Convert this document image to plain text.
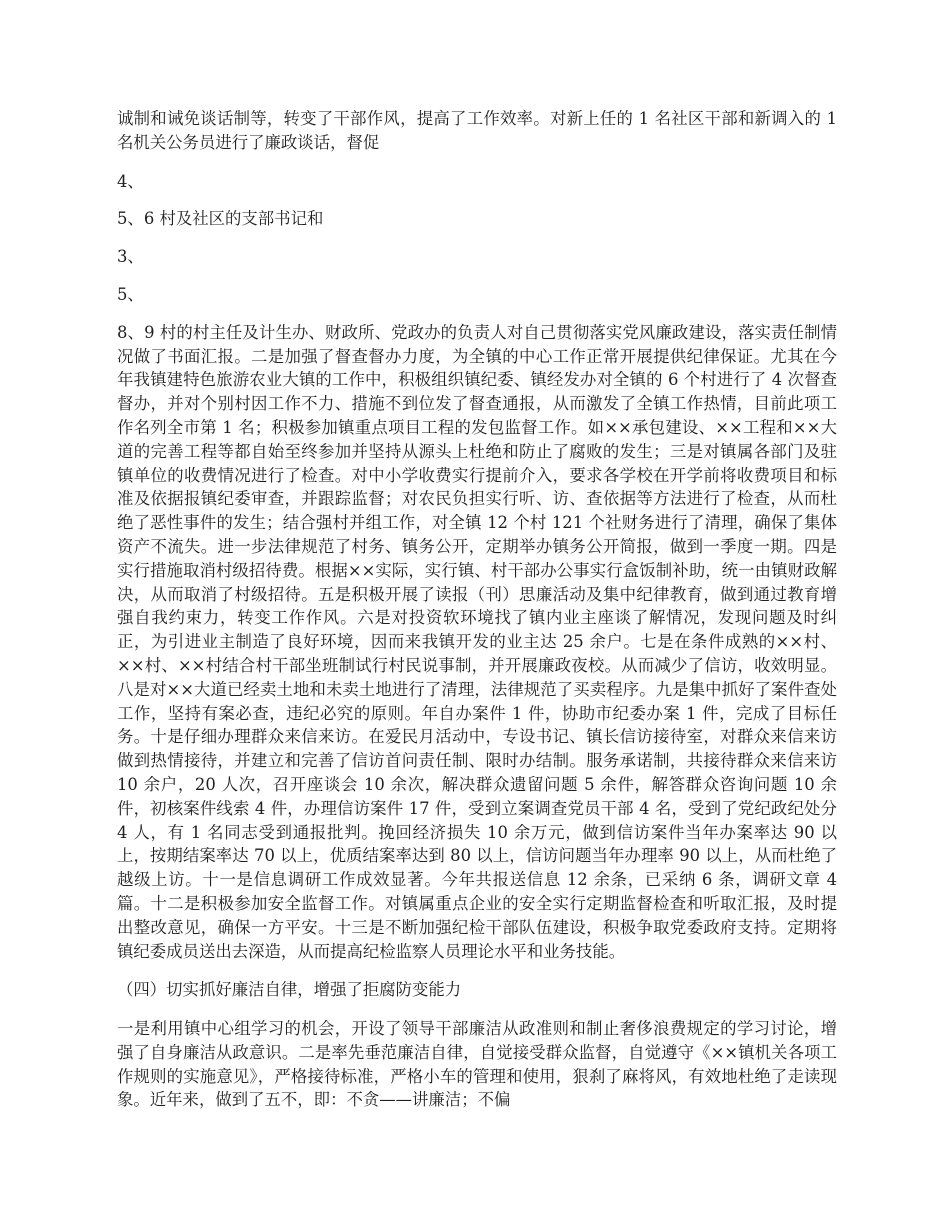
诚制和诫免谈话制等，转变了干部作风，提高了工作效率。对新上任的 1 名社区干部和新调入的 1 名机关公务员进行了廉政谈话，督促

4、

5、6 村及社区的支部书记和

3、

5、

8、9 村的村主任及计生办、财政所、党政办的负责人对自己贯彻落实党风廉政建设，落实责任制情况做了书面汇报。二是加强了督查督办力度，为全镇的中心工作正常开展提供纪律保证。尤其在今年我镇建特色旅游农业大镇的工作中，积极组织镇纪委、镇经发办对全镇的 6 个村进行了 4 次督查督办，并对个别村因工作不力、措施不到位发了督查通报，从而激发了全镇工作热情，目前此项工作名列全市第 1 名；积极参加镇重点项目工程的发包监督工作。如××承包建设、××工程和××大道的完善工程等都自始至终参加并坚持从源头上杜绝和防止了腐败的发生；三是对镇属各部门及驻镇单位的收费情况进行了检查。对中小学收费实行提前介入，要求各学校在开学前将收费项目和标准及依据报镇纪委审查，并跟踪监督；对农民负担实行听、访、查依据等方法进行了检查，从而杜绝了恶性事件的发生；结合强村并组工作，对全镇 12 个村 121 个社财务进行了清理，确保了集体资产不流失。进一步法律规范了村务、镇务公开，定期举办镇务公开简报，做到一季度一期。四是实行措施取消村级招待费。根据××实际，实行镇、村干部办公事实行盒饭制补助，统一由镇财政解决，从而取消了村级招待。五是积极开展了读报（刊）思廉活动及集中纪律教育，做到通过教育增强自我约束力，转变工作作风。六是对投资软环境找了镇内业主座谈了解情况，发现问题及时纠正，为引进业主制造了良好环境，因而来我镇开发的业主达 25 余户。七是在条件成熟的××村、××村、××村结合村干部坐班制试行村民说事制，并开展廉政夜校。从而减少了信访，收效明显。八是对××大道已经卖土地和未卖土地进行了清理，法律规范了买卖程序。九是集中抓好了案件查处工作，坚持有案必查，违纪必究的原则。年自办案件 1 件，协助市纪委办案 1 件，完成了目标任务。十是仔细办理群众来信来访。在爱民月活动中，专设书记、镇长信访接待室，对群众来信来访做到热情接待，并建立和完善了信访首问责任制、限时办结制。服务承诺制，共接待群众来信来访 10 余户，20 人次，召开座谈会 10 余次，解决群众遗留问题 5 余件，解答群众咨询问题 10 余件，初核案件线索 4 件，办理信访案件 17 件，受到立案调查党员干部 4 名，受到了党纪政纪处分 4 人，有 1 名同志受到通报批判。挽回经济损失 10 余万元，做到信访案件当年办案率达 90 以上，按期结案率达 70 以上，优质结案率达到 80 以上，信访问题当年办理率 90 以上，从而杜绝了越级上访。十一是信息调研工作成效显著。今年共报送信息 12 余条，已采纳 6 条，调研文章 4 篇。十二是积极参加安全监督工作。对镇属重点企业的安全实行定期监督检查和听取汇报，及时提出整改意见，确保一方平安。十三是不断加强纪检干部队伍建设，积极争取党委政府支持。定期将镇纪委成员送出去深造，从而提高纪检监察人员理论水平和业务技能。

（四）切实抓好廉洁自律，增强了拒腐防变能力

一是利用镇中心组学习的机会，开设了领导干部廉洁从政准则和制止奢侈浪费规定的学习讨论，增强了自身廉洁从政意识。二是率先垂范廉洁自律，自觉接受群众监督，自觉遵守《××镇机关各项工作规则的实施意见》，严格接待标准，严格小车的管理和使用，狠刹了麻将风，有效地杜绝了走读现象。近年来，做到了五不，即：不贪——讲廉洁；不偏
